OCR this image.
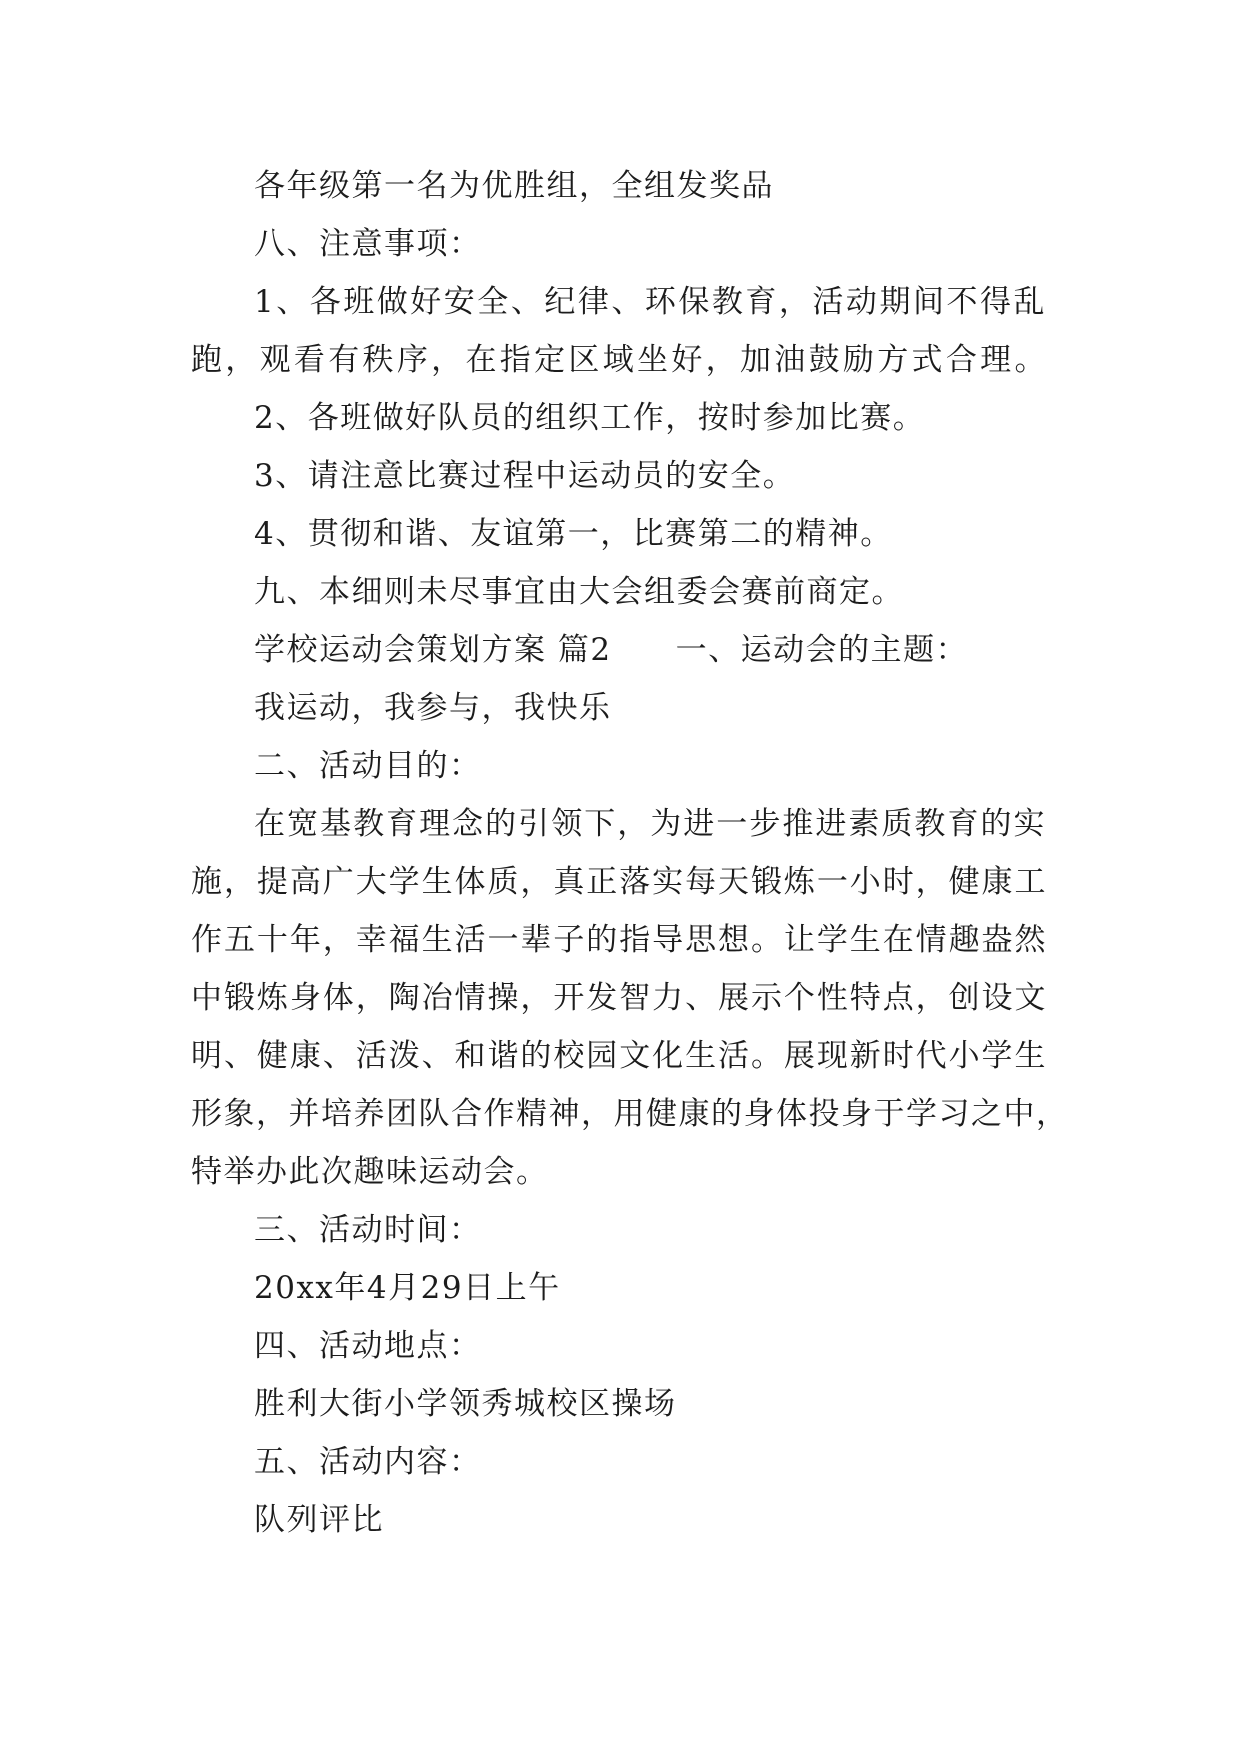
各年级第一名为优胜组，全组发奖品
八、注意事项：
1、各班做好安全、纪律、环保教育，活动期间不得乱
跑，观看有秩序，在指定区域坐好，加油鼓励方式合理。
2、各班做好队员的组织工作，按时参加比赛。
3、请注意比赛过程中运动员的安全。
4、贯彻和谐、友谊第一，比赛第二的精神。
九、本细则未尽事宜由大会组委会赛前商定。
学校运动会策划方案 篇2 一、运动会的主题：
我运动，我参与，我快乐
二、活动目的：
在宽基教育理念的引领下，为进一步推进素质教育的实
施，提高广大学生体质，真正落实每天锻炼一小时，健康工
作五十年，幸福生活一辈子的指导思想。让学生在情趣盎然
中锻炼身体，陶冶情操，开发智力、展示个性特点，创设文
明、健康、活泼、和谐的校园文化生活。展现新时代小学生
形象，并培养团队合作精神，用健康的身体投身于学习之中，
特举办此次趣味运动会。
三、活动时间：
20xx年4月29日上午
四、活动地点：
胜利大街小学领秀城校区操场
五、活动内容：
队列评比
